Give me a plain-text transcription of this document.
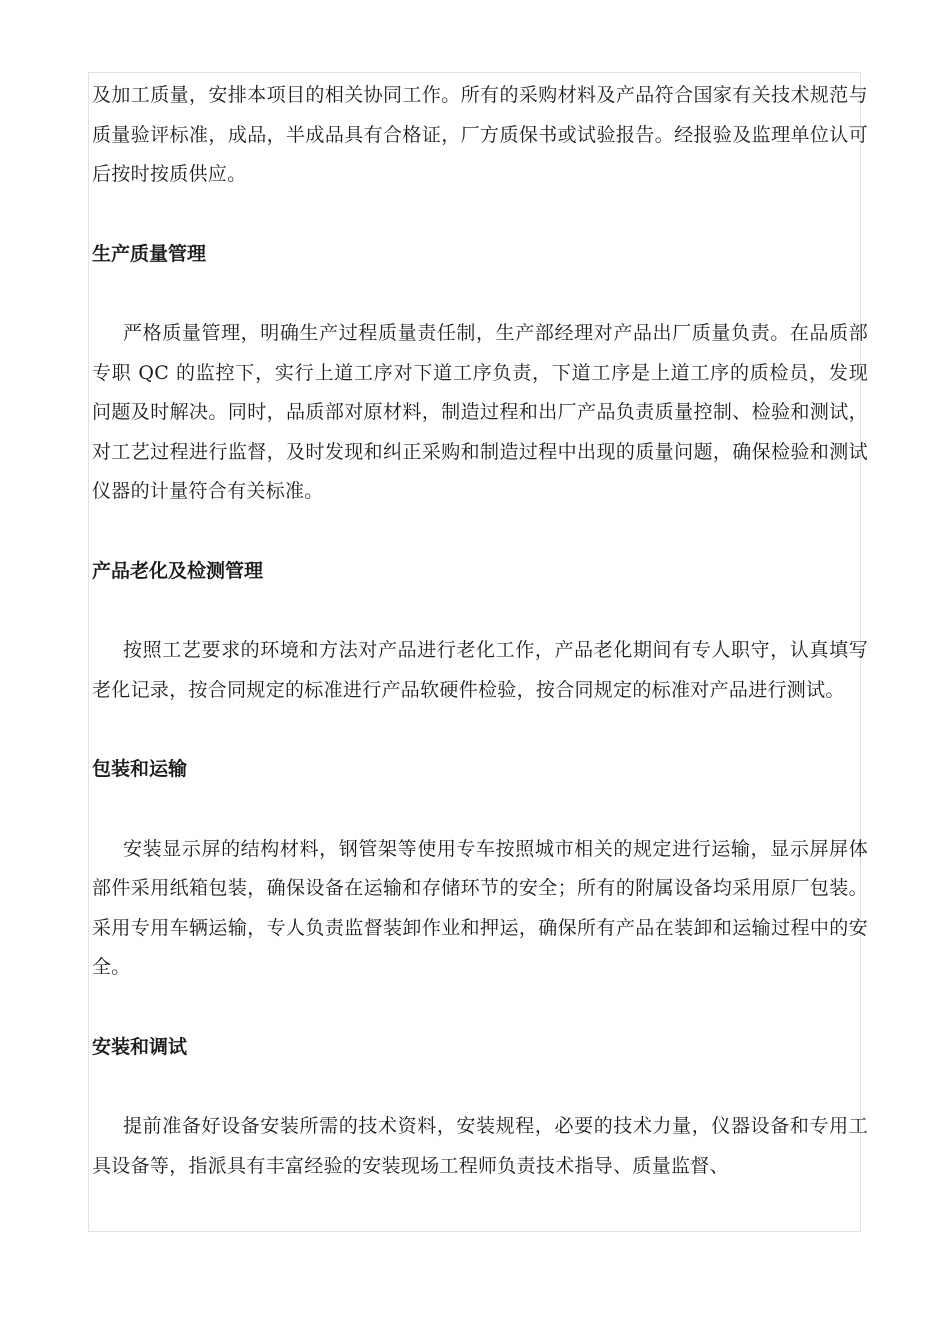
及加工质量，安排本项目的相关协同工作。所有的采购材料及产品符合国家有关技术规范与质量验评标准，成品，半成品具有合格证，厂方质保书或试验报告。经报验及监理单位认可后按时按质供应。

生产质量管理

严格质量管理，明确生产过程质量责任制，生产部经理对产品出厂质量负责。在品质部专职 QC 的监控下，实行上道工序对下道工序负责，下道工序是上道工序的质检员，发现问题及时解决。同时，品质部对原材料，制造过程和出厂产品负责质量控制、检验和测试，对工艺过程进行监督，及时发现和纠正采购和制造过程中出现的质量问题，确保检验和测试仪器的计量符合有关标准。

产品老化及检测管理

按照工艺要求的环境和方法对产品进行老化工作，产品老化期间有专人职守，认真填写老化记录，按合同规定的标准进行产品软硬件检验，按合同规定的标准对产品进行测试。

包装和运输

安装显示屏的结构材料，钢管架等使用专车按照城市相关的规定进行运输，显示屏屏体部件采用纸箱包装，确保设备在运输和存储环节的安全；所有的附属设备均采用原厂包装。采用专用车辆运输，专人负责监督装卸作业和押运，确保所有产品在装卸和运输过程中的安全。

安装和调试

提前准备好设备安装所需的技术资料，安装规程，必要的技术力量，仪器设备和专用工具设备等，指派具有丰富经验的安装现场工程师负责技术指导、质量监督、
